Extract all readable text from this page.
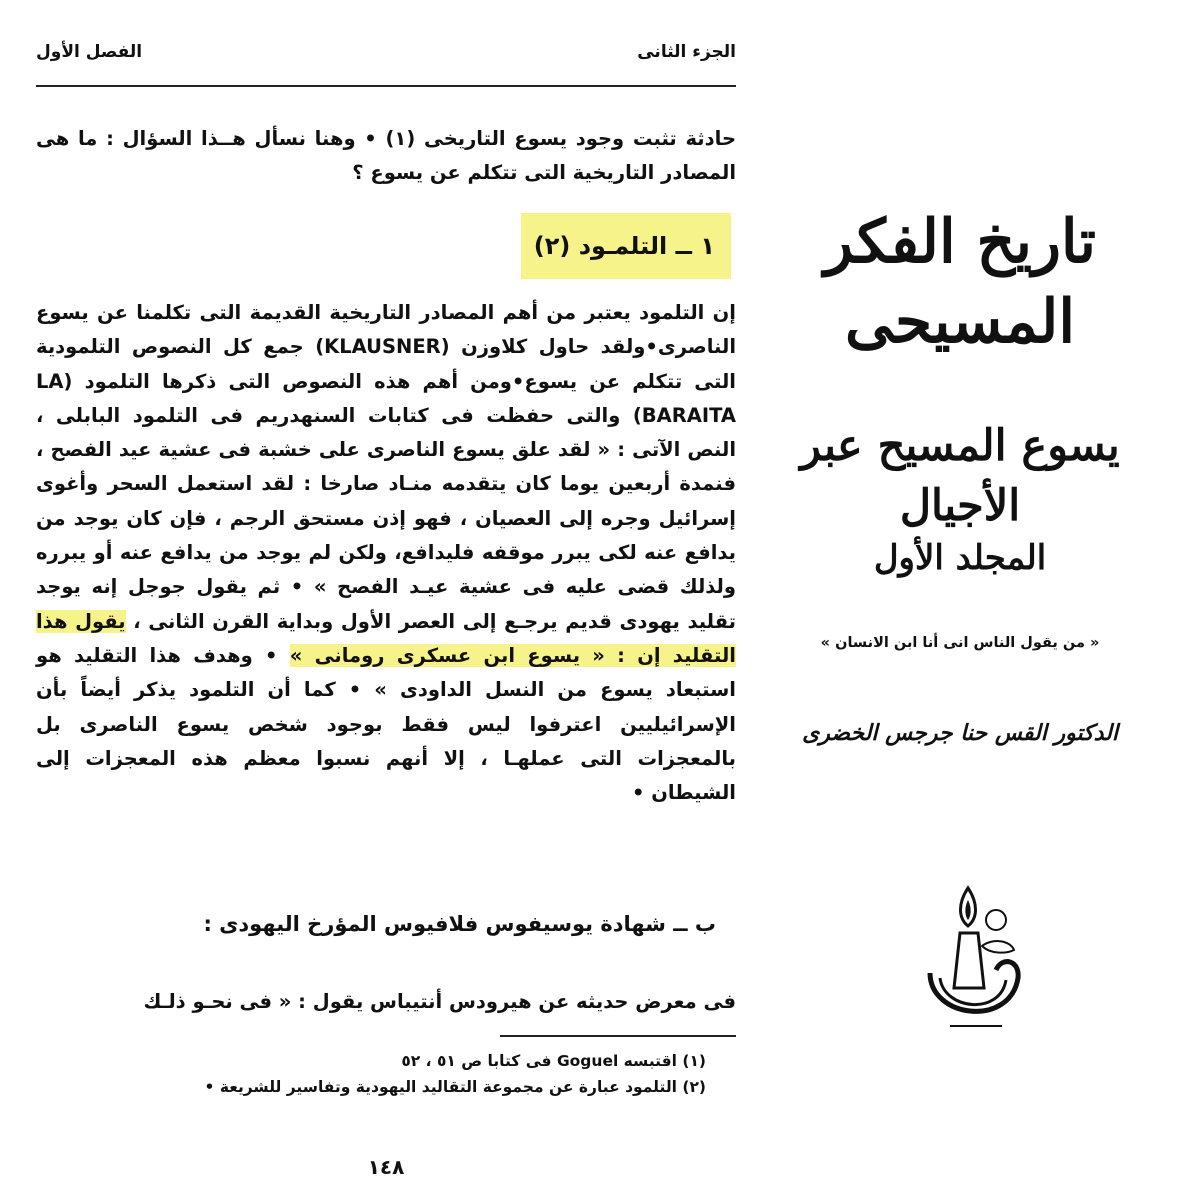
الجزء الثانى
الفصل الأول
حادثة تثبت وجود يسوع التاريخى (١) • وهنا نسأل هــذا السؤال : ما هى المصادر التاريخية التى تتكلم عن يسوع ؟
١ ــ التلمـود (٢)
إن التلمود يعتبر من أهم المصادر التاريخية القديمة التى تكلمنا عن يسوع الناصرى•ولقد حاول كلاوزن (KLAUSNER) جمع كل النصوص التلمودية التى تتكلم عن يسوع•ومن أهم هذه النصوص التى ذكرها التلمود (LA BARAITA) والتى حفظت فى كتابات السنهدريم فى التلمود البابلى ، النص الآتى : « لقد علق يسوع الناصرى على خشبة فى عشية عيد الفصح ، فنمدة أربعين يوما كان يتقدمه منـاد صارخا : لقد استعمل السحر وأغوى إسرائيل وجره إلى العصيان ، فهو إذن مستحق الرجم ، فإن كان يوجد من يدافع عنه لكى يبرر موقفه فليدافع، ولكن لم يوجد من يدافع عنه أو يبرره ولذلك قضى عليه فى عشية عيـد الفصح » • ثم يقول جوجل إنه يوجد تقليد يهودى قديم يرجـع إلى العصر الأول وبداية القرن الثانى ، يقول هذا التقليد إن : « يسوع ابن عسكرى رومانى » • وهدف هذا التقليد هو استبعاد يسوع من النسل الداودى » • كما أن التلمود يذكر أيضاً بأن الإسرائيليين اعترفوا ليس فقط بوجود شخص يسوع الناصرى بل بالمعجزات التى عملهـا ، إلا أنهم نسبوا معظم هذه المعجزات إلى الشيطان •
ب ــ شهادة يوسيفوس فلافيوس المؤرخ اليهودى :
فى معرض حديثه عن هيرودس أنتيباس يقول : « فى نحـو ذلـك
(١) اقتبسه Goguel فى كتابا ص ٥١ ، ٥٢
(٢) التلمود عبارة عن مجموعة التقاليد اليهودية وتفاسير للشريعة •
١٤٨
تاريخ الفكر المسيحى
يسوع المسيح عبر الأجيال
المجلد الأول
« من يقول الناس انى أنا ابن الانسان »
الدكتور القس حنا جرجس الخضرى
